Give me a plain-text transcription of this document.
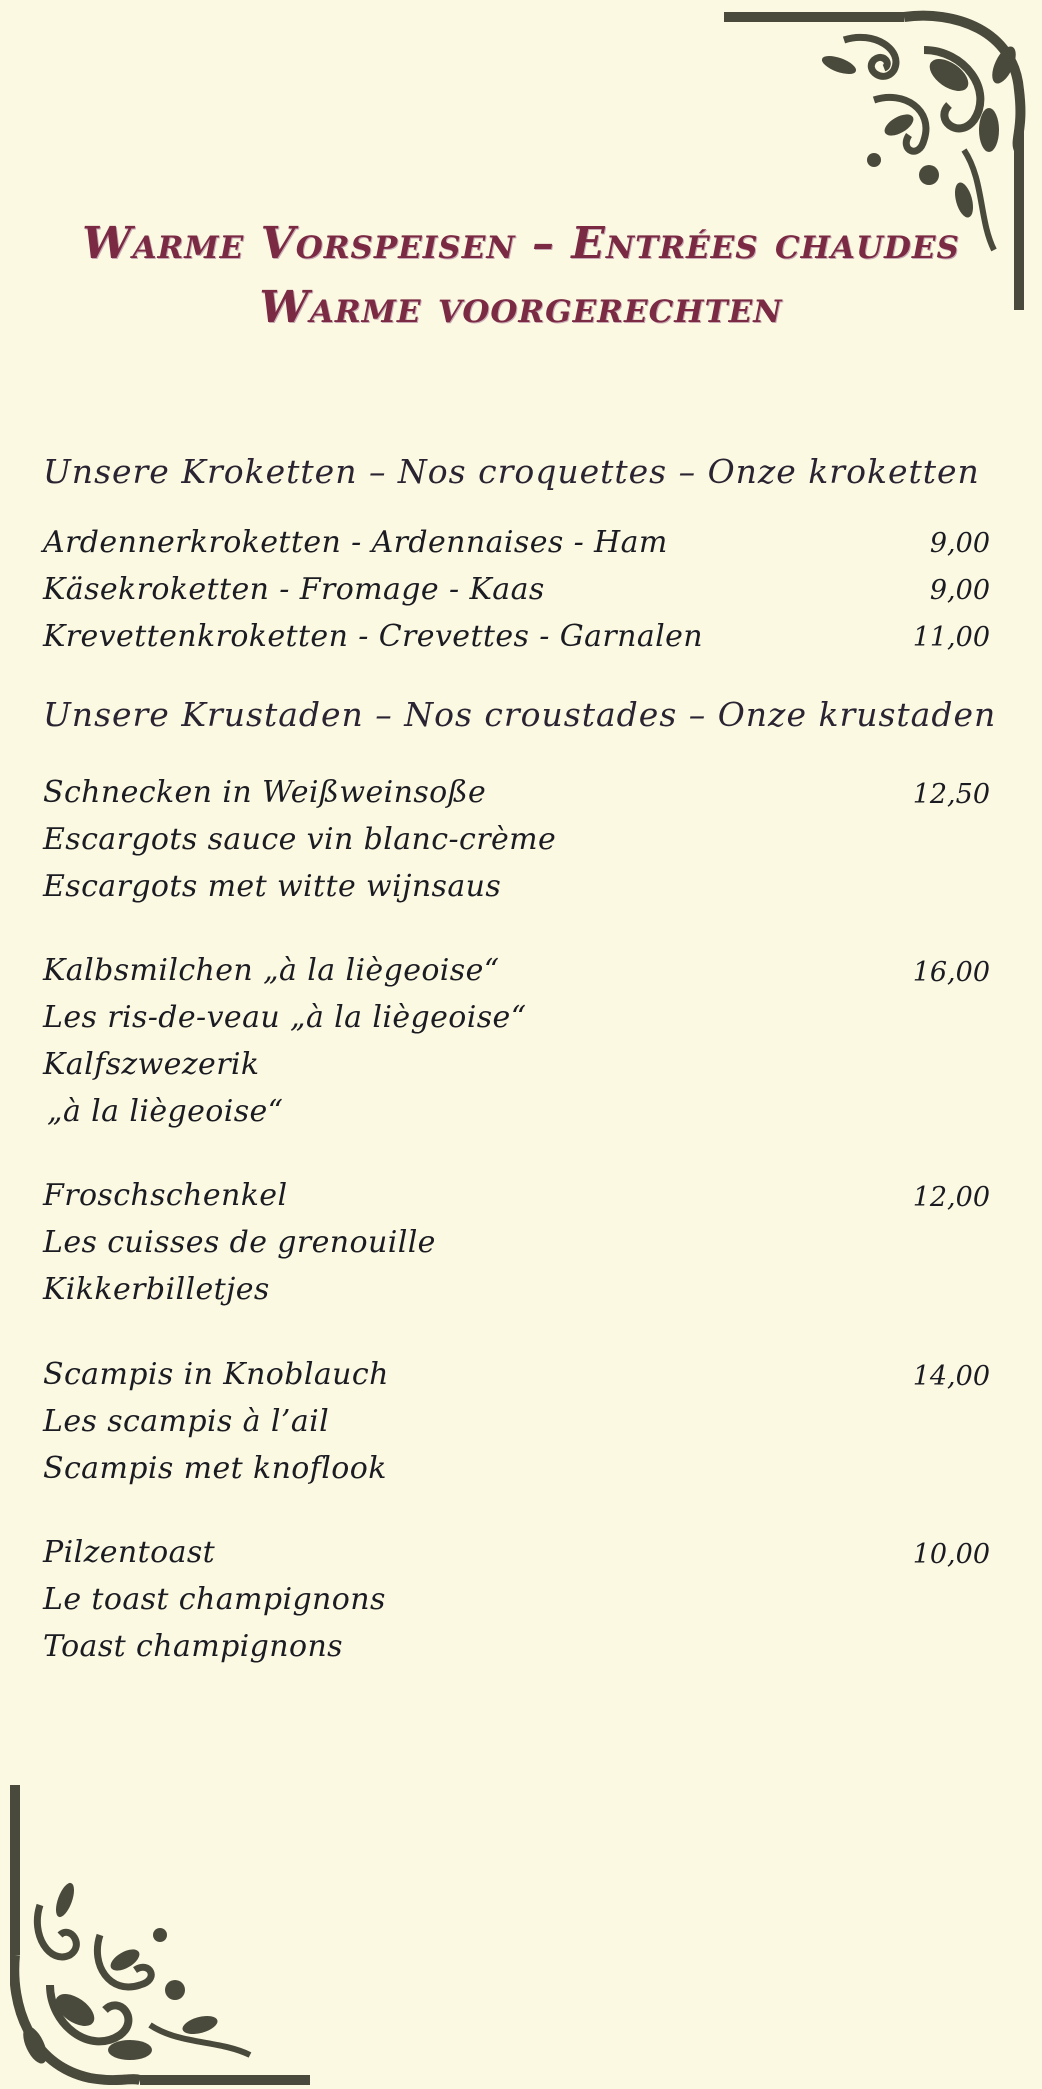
Warme Vorspeisen – Entrées chaudes
Warme voorgerechten
Unsere Kroketten – Nos croquettes – Onze kroketten
Ardennerkroketten - Ardennaises - Ham	9,00
Käsekroketten - Fromage - Kaas	9,00
Krevettenkroketten - Crevettes - Garnalen	11,00
Unsere Krustaden – Nos croustades – Onze krustaden
Schnecken in Weißweinsoße	12,50
Escargots sauce vin blanc-crème
Escargots met witte wijnsaus
Kalbsmilchen „à la liègeoise“	16,00
Les ris-de-veau „à la liègeoise“
Kalfszwezerik
„à la liègeoise“
Froschschenkel	12,00
Les cuisses de grenouille
Kikkerbilletjes
Scampis in Knoblauch	14,00
Les scampis à l’ail
Scampis met knoflook
Pilzentoast	10,00
Le toast champignons
Toast champignons
